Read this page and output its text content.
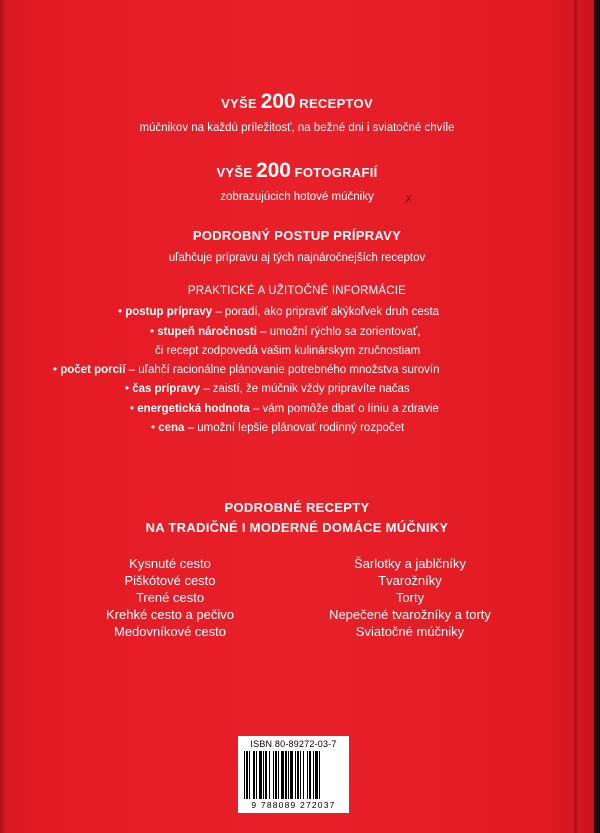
VYŠE 200 RECEPTOV
múčnikov na každú príležitosť, na bežné dni i sviatočné chvíle
VYŠE 200 FOTOGRAFIÍ
zobrazujúcich hotové múčniky	✗
PODROBNÝ POSTUP PRÍPRAVY
uľahčuje prípravu aj tých najnáročnejších receptov
PRAKTICKÉ A UŽITOČNÉ INFORMÁCIE
• postup prípravy – poradí, ako pripraviť akýkoľvek druh cesta
• stupeň náročnosti – umožní rýchlo sa zorientovať,
či recept zodpovedá vašim kulinárskym zručnostiam
• počet porcií – uľahčí racionálne plánovanie potrebného množstva surovín
• čas prípravy – zaistí, že múčnik vždy pripravíte načas
• energetická hodnota – vám pomôže dbať o líniu a zdravie
• cena – umožní lepšie plánovať rodinný rozpočet
PODROBNÉ RECEPTY
NA TRADIČNÉ I MODERNÉ DOMÁCE MÚČNIKY
Kysnuté cesto
Piškótové cesto
Trené cesto
Krehké cesto a pečivo
Medovníkové cesto
Šarlotky a jablčníky
Tvarožníky
Torty
Nepečené tvarožníky a torty
Sviatočné múčniky
ISBN 80-89272-03-7
9 788089 272037
